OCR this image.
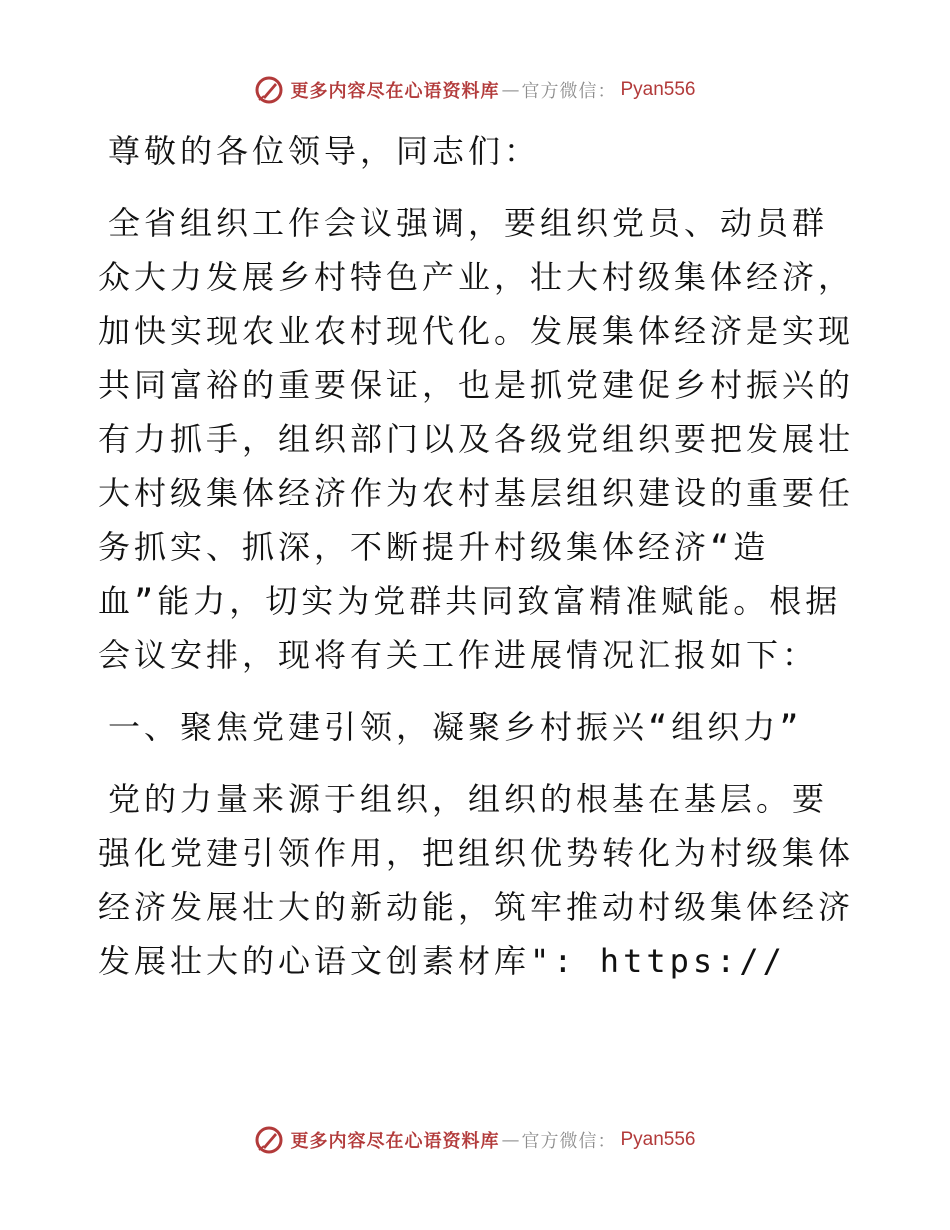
更多内容尽在心语资料库 — 官方微信： Pyan556

尊敬的各位领导，同志们：

全省组织工作会议强调，要组织党员、动员群众大力发展乡村特色产业，壮大村级集体经济，加快实现农业农村现代化。发展集体经济是实现共同富裕的重要保证，也是抓党建促乡村振兴的有力抓手，组织部门以及各级党组织要把发展壮大村级集体经济作为农村基层组织建设的重要任务抓实、抓深，不断提升村级集体经济“造血”能力，切实为党群共同致富精准赋能。根据会议安排，现将有关工作进展情况汇报如下：

一、聚焦党建引领，凝聚乡村振兴“组织力”

党的力量来源于组织，组织的根基在基层。要强化党建引领作用，把组织优势转化为村级集体经济发展壮大的新动能，筑牢推动村级集体经济发展壮大的心语文创素材库": https://

更多内容尽在心语资料库 — 官方微信： Pyan556
